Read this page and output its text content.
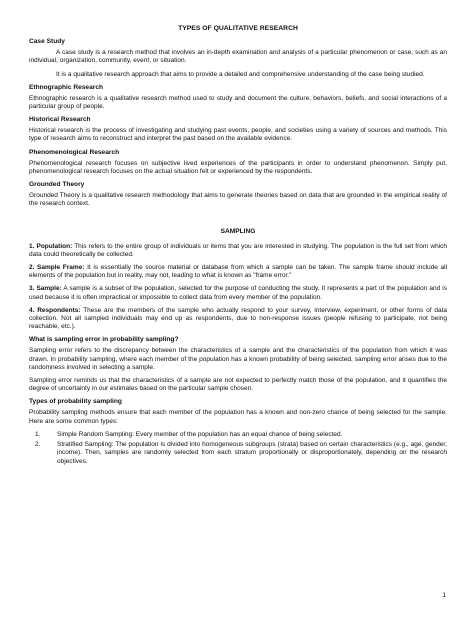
TYPES OF QUALITATIVE RESEARCH
Case Study

A case study is a research method that involves an in-depth examination and analysis of a particular phenomenon or case, such as an individual, organization, community, event, or situation.

It is a qualitative research approach that aims to provide a detailed and comprehensive understanding of the case being studied.

Ethnographic Research

Ethnographic research is a qualitative research method used to study and document the culture, behaviors, beliefs, and social interactions of a particular group of people.

Historical Research

Historical research is the process of investigating and studying past events, people, and societies using a variety of sources and methods. This type of research aims to reconstruct and interpret the past based on the available evidence.

Phenomenological Research

Phenomenological research focuses on subjective lived experiences of the participants in order to understand phenomenon. Simply put, phenomenological research focuses on the actual situation felt or experienced by the respondents.

Grounded Theory

Grounded Theory is a qualitative research methodology that aims to generate theories based on data that are grounded in the empirical reality of the research context.

SAMPLING

1. Population: This refers to the entire group of individuals or items that you are interested in studying. The population is the full set from which data could theoretically be collected.

2. Sample Frame: It is essentially the source material or database from which a sample can be taken. The sample frame should include all elements of the population but in reality, may not, leading to what is known as "frame error."

3. Sample: A sample is a subset of the population, selected for the purpose of conducting the study. It represents a part of the population and is used because it is often impractical or impossible to collect data from every member of the population.

4. Respondents: These are the members of the sample who actually respond to your survey, interview, experiment, or other forms of data collection. Not all sampled individuals may end up as respondents, due to non-response issues (people refusing to participate, not being reachable, etc.).

What is sampling error in probability sampling?

Sampling error refers to the discrepancy between the characteristics of a sample and the characteristics of the population from which it was drawn. In probability sampling, where each member of the population has a known probability of being selected, sampling error arises due to the randomness involved in selecting a sample.

Sampling error reminds us that the characteristics of a sample are not expected to perfectly match those of the population, and it quantifies the degree of uncertainty in our estimates based on the particular sample chosen.

Types of probability sampling

Probability sampling methods ensure that each member of the population has a known and non-zero chance of being selected for the sample. Here are some common types:

1.	Simple Random Sampling: Every member of the population has an equal chance of being selected.
2.	Stratified Sampling: The population is divided into homogeneous subgroups (strata) based on certain characteristics (e.g., age, gender, income). Then, samples are randomly selected from each stratum proportionally or disproportionately, depending on the research objectives.
1
